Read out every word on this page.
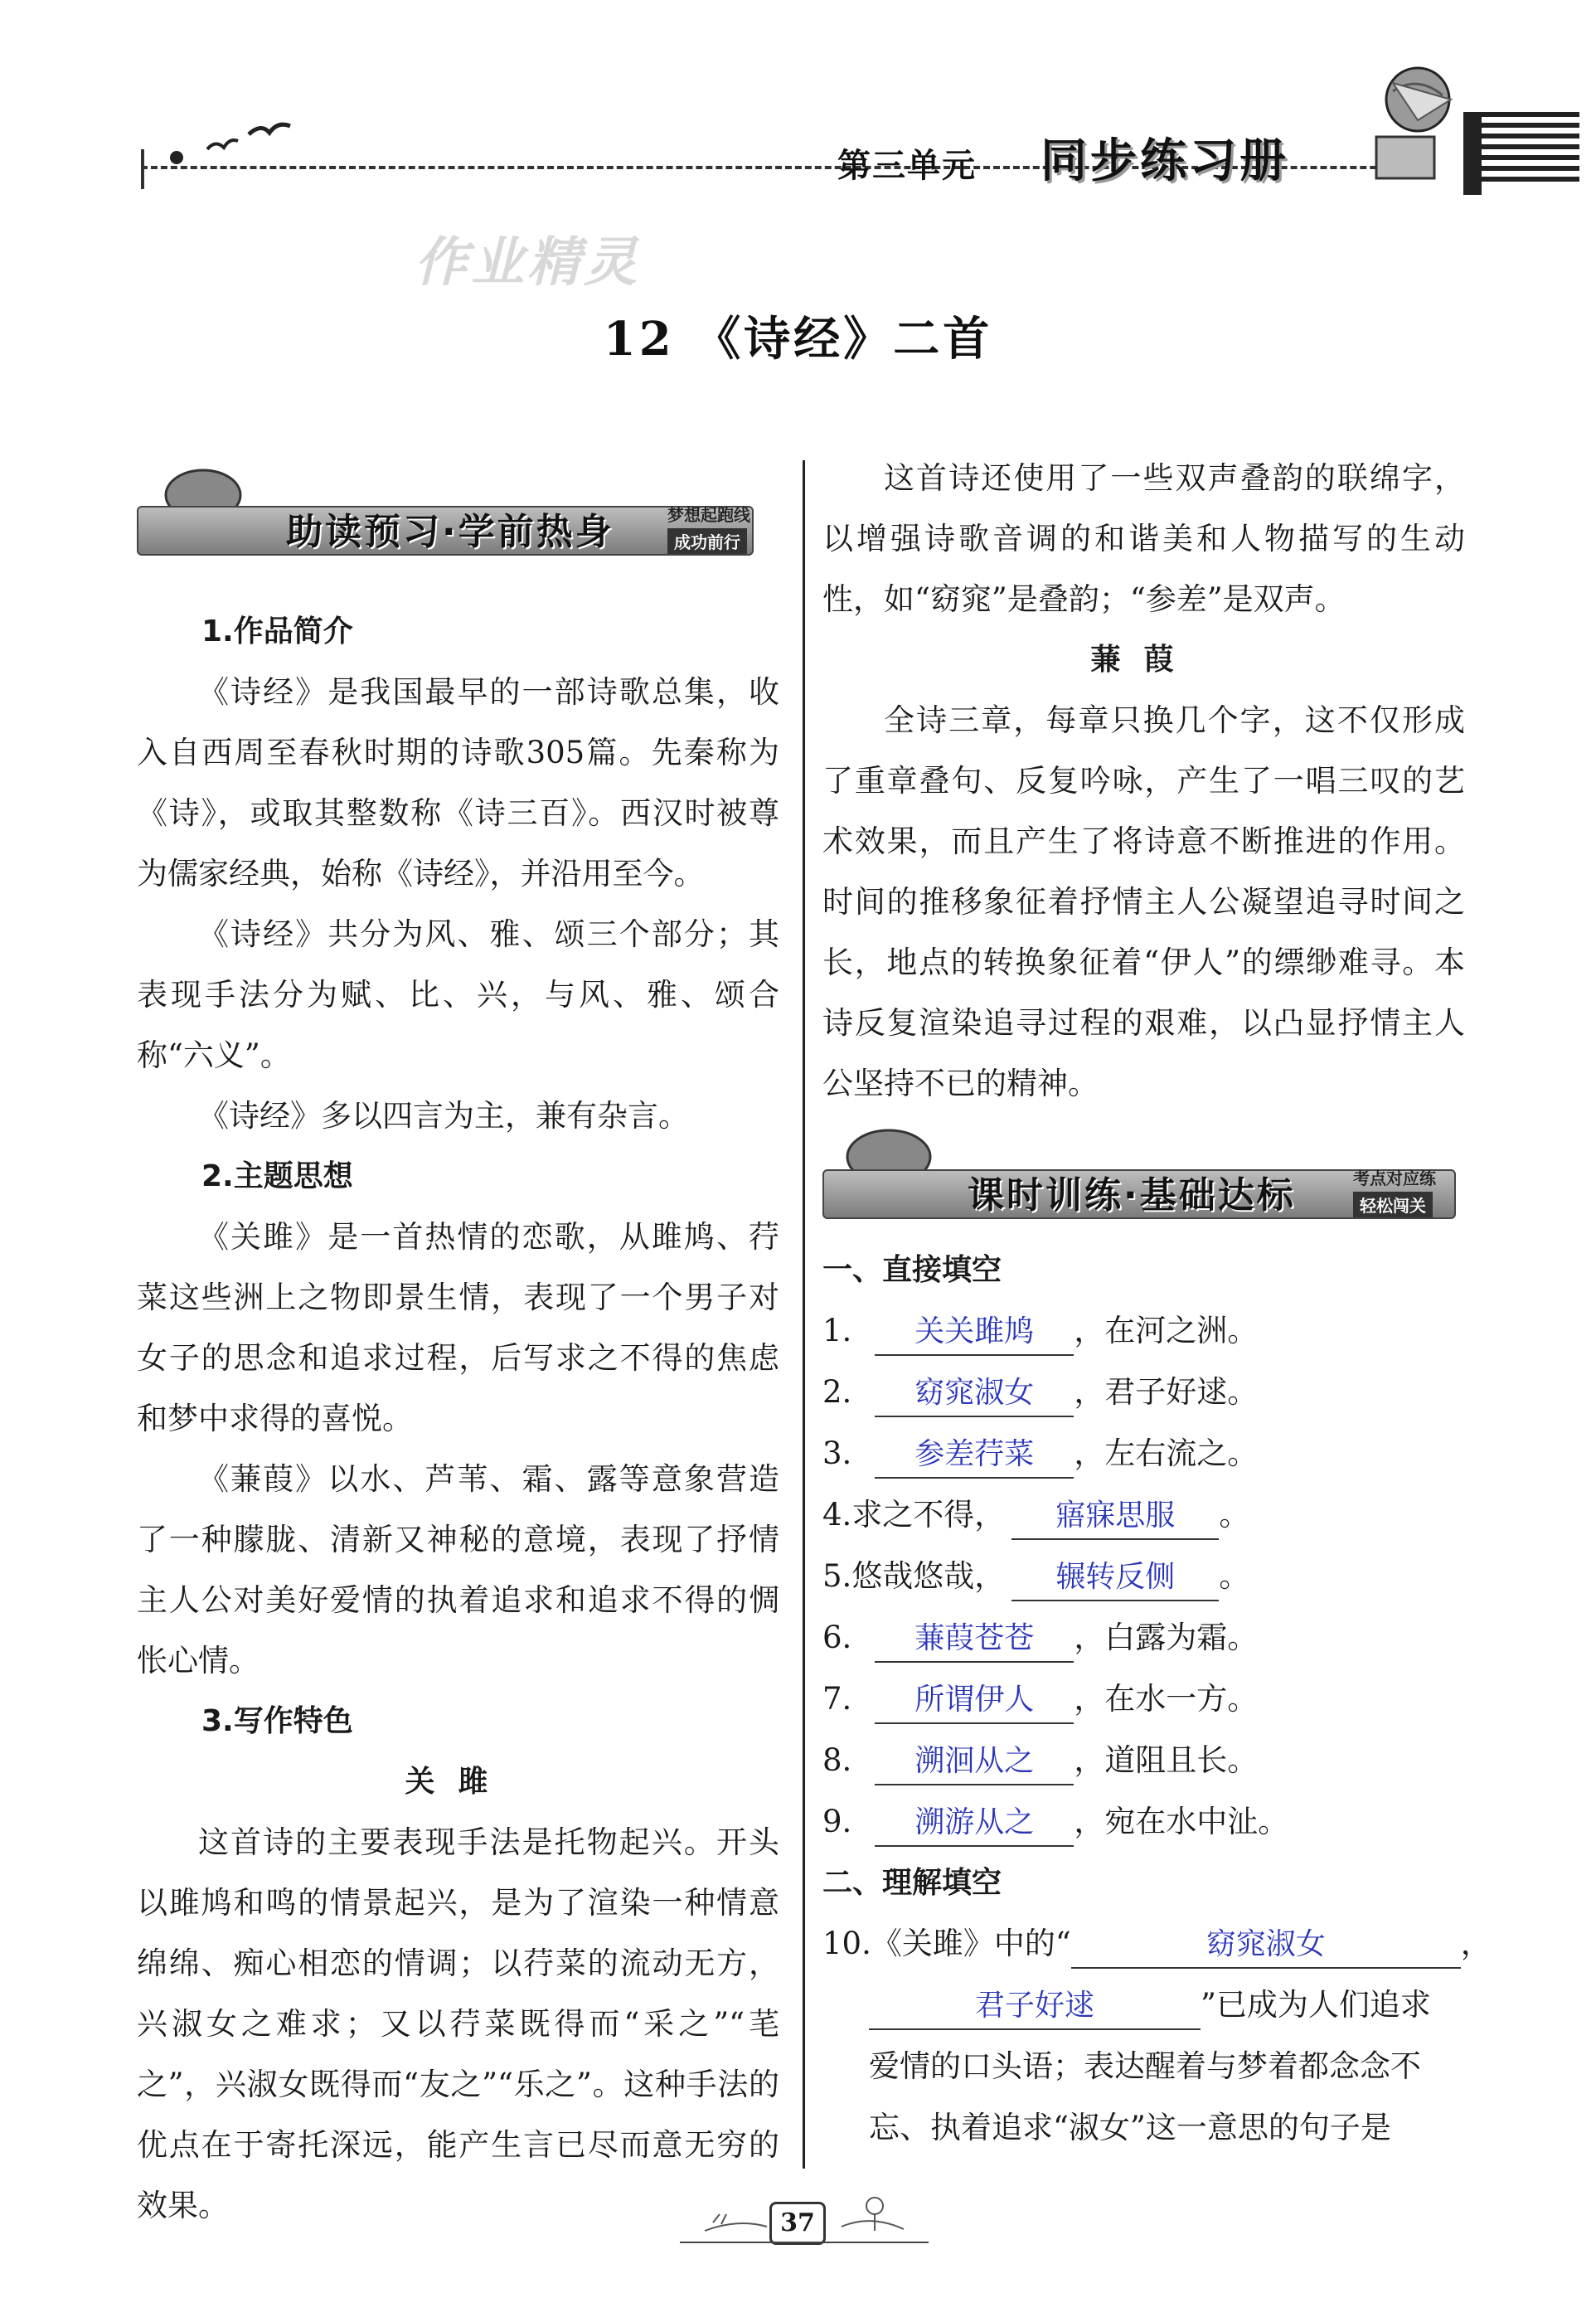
第三单元 同步练习册
作业精灵
12 《诗经》二首
助读预习·学前热身	梦想起跑线
成功前行

1.作品简介

《诗经》是我国最早的一部诗歌总集，收入自西周至春秋时期的诗歌305篇。先秦称为《诗》，或取其整数称《诗三百》。西汉时被尊为儒家经典，始称《诗经》，并沿用至今。

《诗经》共分为风、雅、颂三个部分；其表现手法分为赋、比、兴，与风、雅、颂合称“六义”。

《诗经》多以四言为主，兼有杂言。

2.主题思想

《关雎》是一首热情的恋歌，从雎鸠、荇菜这些洲上之物即景生情，表现了一个男子对女子的思念和追求过程，后写求之不得的焦虑和梦中求得的喜悦。

《蒹葭》以水、芦苇、霜、露等意象营造了一种朦胧、清新又神秘的意境，表现了抒情主人公对美好爱情的执着追求和追求不得的惆怅心情。

3.写作特色

关雎

这首诗的主要表现手法是托物起兴。开头以雎鸠和鸣的情景起兴，是为了渲染一种情意绵绵、痴心相恋的情调；以荇菜的流动无方，兴淑女之难求；又以荇菜既得而“采之”“芼之”，兴淑女既得而“友之”“乐之”。这种手法的优点在于寄托深远，能产生言已尽而意无穷的效果。

这首诗还使用了一些双声叠韵的联绵字，以增强诗歌音调的和谐美和人物描写的生动性，如“窈窕”是叠韵；“参差”是双声。

蒹葭

全诗三章，每章只换几个字，这不仅形成了重章叠句、反复吟咏，产生了一唱三叹的艺术效果，而且产生了将诗意不断推进的作用。时间的推移象征着抒情主人公凝望追寻时间之长，地点的转换象征着“伊人”的缥缈难寻。本诗反复渲染追寻过程的艰难，以凸显抒情主人公坚持不已的精神。

课时训练·基础达标	考点对应练
轻松闯关

一、直接填空

1. 关关雎鸠 ，在河之洲。

2. 窈窕淑女 ，君子好逑。

3. 参差荇菜 ，左右流之。

4.求之不得， 寤寐思服 。

5.悠哉悠哉， 辗转反侧 。

6. 蒹葭苍苍 ，白露为霜。

7. 所谓伊人 ，在水一方。

8. 溯洄从之 ，道阻且长。

9. 溯游从之 ，宛在水中沚。

二、理解填空

10.《关雎》中的“	窈窕淑女	，

君子好逑	”已成为人们追求

爱情的口头语；表达醒着与梦着都念念不

忘、执着追求“淑女”这一意思的句子是

37
